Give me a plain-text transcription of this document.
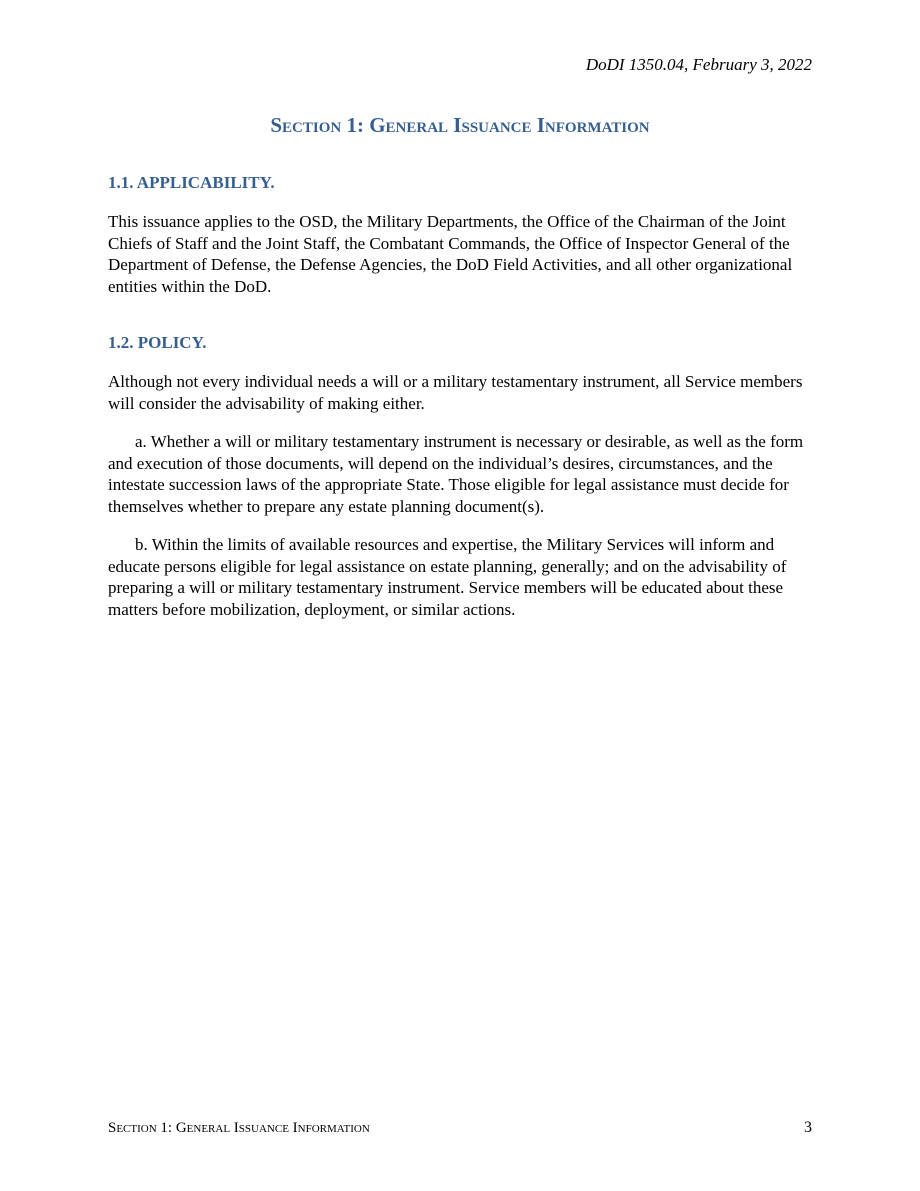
DoDI 1350.04, February 3, 2022
Section 1: General Issuance Information
1.1. APPLICABILITY.
This issuance applies to the OSD, the Military Departments, the Office of the Chairman of the Joint Chiefs of Staff and the Joint Staff, the Combatant Commands, the Office of Inspector General of the Department of Defense, the Defense Agencies, the DoD Field Activities, and all other organizational entities within the DoD.
1.2. POLICY.
Although not every individual needs a will or a military testamentary instrument, all Service members will consider the advisability of making either.
a. Whether a will or military testamentary instrument is necessary or desirable, as well as the form and execution of those documents, will depend on the individual’s desires, circumstances, and the intestate succession laws of the appropriate State. Those eligible for legal assistance must decide for themselves whether to prepare any estate planning document(s).
b. Within the limits of available resources and expertise, the Military Services will inform and educate persons eligible for legal assistance on estate planning, generally; and on the advisability of preparing a will or military testamentary instrument. Service members will be educated about these matters before mobilization, deployment, or similar actions.
Section 1: General Issuance Information	3
